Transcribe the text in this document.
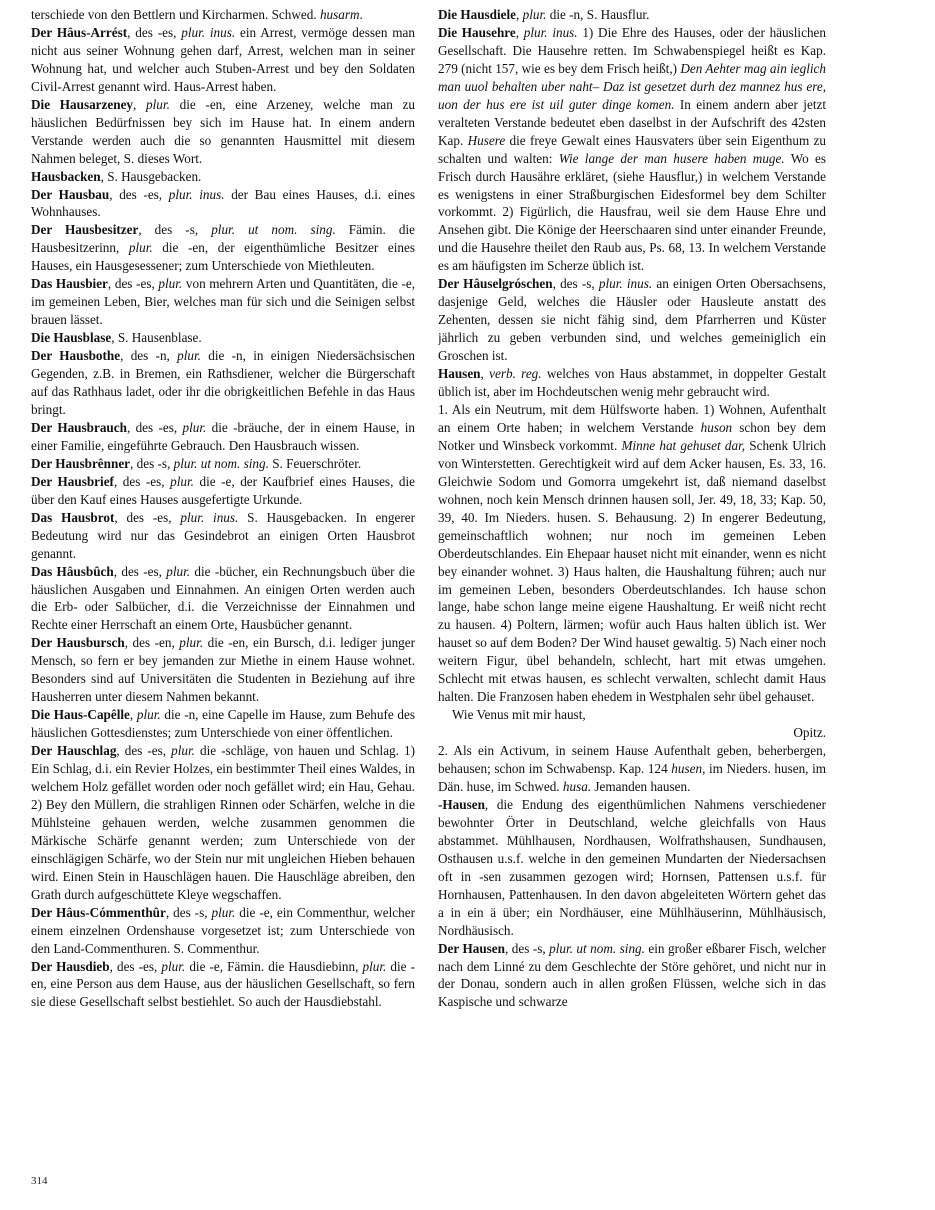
terschiede von den Bettlern und Kircharmen. Schwed. husarm.

Der Hâus-Arrést, des -es, plur. inus. ein Arrest, vermöge dessen man nicht aus seiner Wohnung gehen darf, Arrest, welchen man in seiner Wohnung hat, und welcher auch Stuben-Arrest und bey den Soldaten Civil-Arrest genannt wird. Haus-Arrest haben.

Die Hausarzeney, plur. die -en, eine Arzeney, welche man zu häuslichen Bedürfnissen bey sich im Hause hat. In einem andern Verstande werden auch die so genannten Hausmittel mit diesem Nahmen beleget, S. dieses Wort.

Hausbacken, S. Hausgebacken.

Der Hausbau, des -es, plur. inus. der Bau eines Hauses, d.i. eines Wohnhauses.

Der Hausbesitzer, des -s, plur. ut nom. sing. Fämin. die Hausbesitzerinn, plur. die -en, der eigenthümliche Besitzer eines Hauses, ein Hausgesessener; zum Unterschiede von Miethleuten.

Das Hausbier, des -es, plur. von mehrern Arten und Quantitäten, die -e, im gemeinen Leben, Bier, welches man für sich und die Seinigen selbst brauen lässet.

Die Hausblase, S. Hausenblase.

Der Hausbothe, des -n, plur. die -n, in einigen Niedersächsischen Gegenden, z.B. in Bremen, ein Rathsdiener, welcher die Bürgerschaft auf das Rathhaus ladet, oder ihr die obrigkeitlichen Befehle in das Haus bringt.

Der Hausbrauch, des -es, plur. die -bräuche, der in einem Hause, in einer Familie, eingeführte Gebrauch. Den Hausbrauch wissen.

Der Hausbrênner, des -s, plur. ut nom. sing. S. Feuerschröter.

Der Hausbrief, des -es, plur. die -e, der Kaufbrief eines Hauses, die über den Kauf eines Hauses ausgefertigte Urkunde.

Das Hausbrot, des -es, plur. inus. S. Hausgebacken. In engerer Bedeutung wird nur das Gesindebrot an einigen Orten Hausbrot genannt.

Das Hâusbûch, des -es, plur. die -bücher, ein Rechnungsbuch über die häuslichen Ausgaben und Einnahmen. An einigen Orten werden auch die Erb- oder Salbücher, d.i. die Verzeichnisse der Einnahmen und Rechte einer Herrschaft an einem Orte, Hausbücher genannt.

Der Hausbursch, des -en, plur. die -en, ein Bursch, d.i. lediger junger Mensch, so fern er bey jemanden zur Miethe in einem Hause wohnet. Besonders sind auf Universitäten die Studenten in Beziehung auf ihre Hausherren unter diesem Nahmen bekannt.

Die Haus-Capêlle, plur. die -n, eine Capelle im Hause, zum Behufe des häuslichen Gottesdienstes; zum Unterschiede von einer öffentlichen.

Der Hauschlag, des -es, plur. die -schläge, von hauen und Schlag. 1) Ein Schlag, d.i. ein Revier Holzes, ein bestimmter Theil eines Waldes, in welchem Holz gefället worden oder noch gefället wird; ein Hau, Gehau. 2) Bey den Müllern, die strahligen Rinnen oder Schärfen, welche in die Mühlsteine gehauen werden, welche zusammen genommen die Märkische Schärfe genannt werden; zum Unterschiede von der einschlägigen Schärfe, wo der Stein nur mit ungleichen Hieben behauen wird. Einen Stein in Hauschlägen hauen. Die Hauschläge abreiben, den Grath durch aufgeschüttete Kleye wegschaffen.

Der Hâus-Cómmenthûr, des -s, plur. die -e, ein Commenthur, welcher einem einzelnen Ordenshause vorgesetzet ist; zum Unterschiede von den Land-Commenthuren. S. Commenthur.

Der Hausdieb, des -es, plur. die -e, Fämin. die Hausdiebinn, plur. die -en, eine Person aus dem Hause, aus der häuslichen Gesellschaft, so fern sie diese Gesellschaft selbst bestiehlet. So auch der Hausdiebstahl.

Die Hausdiele, plur. die -n, S. Hausflur.

Die Hausehre, plur. inus. 1) Die Ehre des Hauses, oder der häuslichen Gesellschaft. Die Hausehre retten. Im Schwabenspiegel heißt es Kap. 279 (nicht 157, wie es bey dem Frisch heißt,) Den Aehter mag ain ieglich man uuol behalten uber naht– Daz ist gesetzet durh dez mannez hus ere, uon der hus ere ist uil guter dinge komen. In einem andern aber jetzt veralteten Verstande bedeutet eben daselbst in der Aufschrift des 42sten Kap. Husere die freye Gewalt eines Hausvaters über sein Eigenthum zu schalten und walten: Wie lange der man husere haben muge. Wo es Frisch durch Hausähre erkläret, (siehe Hausflur,) in welchem Verstande es wenigstens in einer Straßburgischen Eidesformel bey dem Schilter vorkommt. 2) Figürlich, die Hausfrau, weil sie dem Hause Ehre und Ansehen gibt. Die Könige der Heerschaaren sind unter einander Freunde, und die Hausehre theilet den Raub aus, Ps. 68, 13. In welchem Verstande es am häufigsten im Scherze üblich ist.

Der Hâuselgróschen, des -s, plur. inus. an einigen Orten Obersachsens, dasjenige Geld, welches die Häusler oder Hausleute anstatt des Zehenten, dessen sie nicht fähig sind, dem Pfarrherren und Küster jährlich zu geben verbunden sind, und welches gemeiniglich ein Groschen ist.

Hausen, verb. reg. welches von Haus abstammet, in doppelter Gestalt üblich ist, aber im Hochdeutschen wenig mehr gebraucht wird.

1. Als ein Neutrum, mit dem Hülfsworte haben. 1) Wohnen, Aufenthalt an einem Orte haben; in welchem Verstande huson schon bey dem Notker und Winsbeck vorkommt. Minne hat gehuset dar, Schenk Ulrich von Winterstetten. Gerechtigkeit wird auf dem Acker hausen, Es. 33, 16. Gleichwie Sodom und Gomorra umgekehrt ist, daß niemand daselbst wohnen, noch kein Mensch drinnen hausen soll, Jer. 49, 18, 33; Kap. 50, 39, 40. Im Nieders. husen. S. Behausung. 2) In engerer Bedeutung, gemeinschaftlich wohnen; nur noch im gemeinen Leben Oberdeutschlandes. Ein Ehepaar hauset nicht mit einander, wenn es nicht bey einander wohnet. 3) Haus halten, die Haushaltung führen; auch nur im gemeinen Leben, besonders Oberdeutschlandes. Ich hause schon lange, habe schon lange meine eigene Haushaltung. Er weiß nicht recht zu hausen. 4) Poltern, lärmen; wofür auch Haus halten üblich ist. Wer hauset so auf dem Boden? Der Wind hauset gewaltig. 5) Nach einer noch weitern Figur, übel behandeln, schlecht, hart mit etwas umgehen. Schlecht mit etwas hausen, es schlecht verwalten, schlecht damit Haus halten. Die Franzosen haben ehedem in Westphalen sehr übel gehauset.

Wie Venus mit mir haust,

Opitz.

2. Als ein Activum, in seinem Hause Aufenthalt geben, beherbergen, behausen; schon im Schwabensp. Kap. 124 husen, im Nieders. husen, im Dän. huse, im Schwed. husa. Jemanden hausen.

-Hausen, die Endung des eigenthümlichen Nahmens verschiedener bewohnter Örter in Deutschland, welche gleichfalls von Haus abstammet. Mühlhausen, Nordhausen, Wolfrathshausen, Sundhausen, Osthausen u.s.f. welche in den gemeinen Mundarten der Niedersachsen oft in -sen zusammen gezogen wird; Hornsen, Pattensen u.s.f. für Hornhausen, Pattenhausen. In den davon abgeleiteten Wörtern gehet das a in ein ä über; ein Nordhäuser, eine Mühlhäuserinn, Mühlhäusisch, Nordhäusisch.

Der Hausen, des -s, plur. ut nom. sing. ein großer eßbarer Fisch, welcher nach dem Linné zu dem Geschlechte der Störe gehöret, und nicht nur in der Donau, sondern auch in allen großen Flüssen, welche sich in das Kaspische und schwarze

314
